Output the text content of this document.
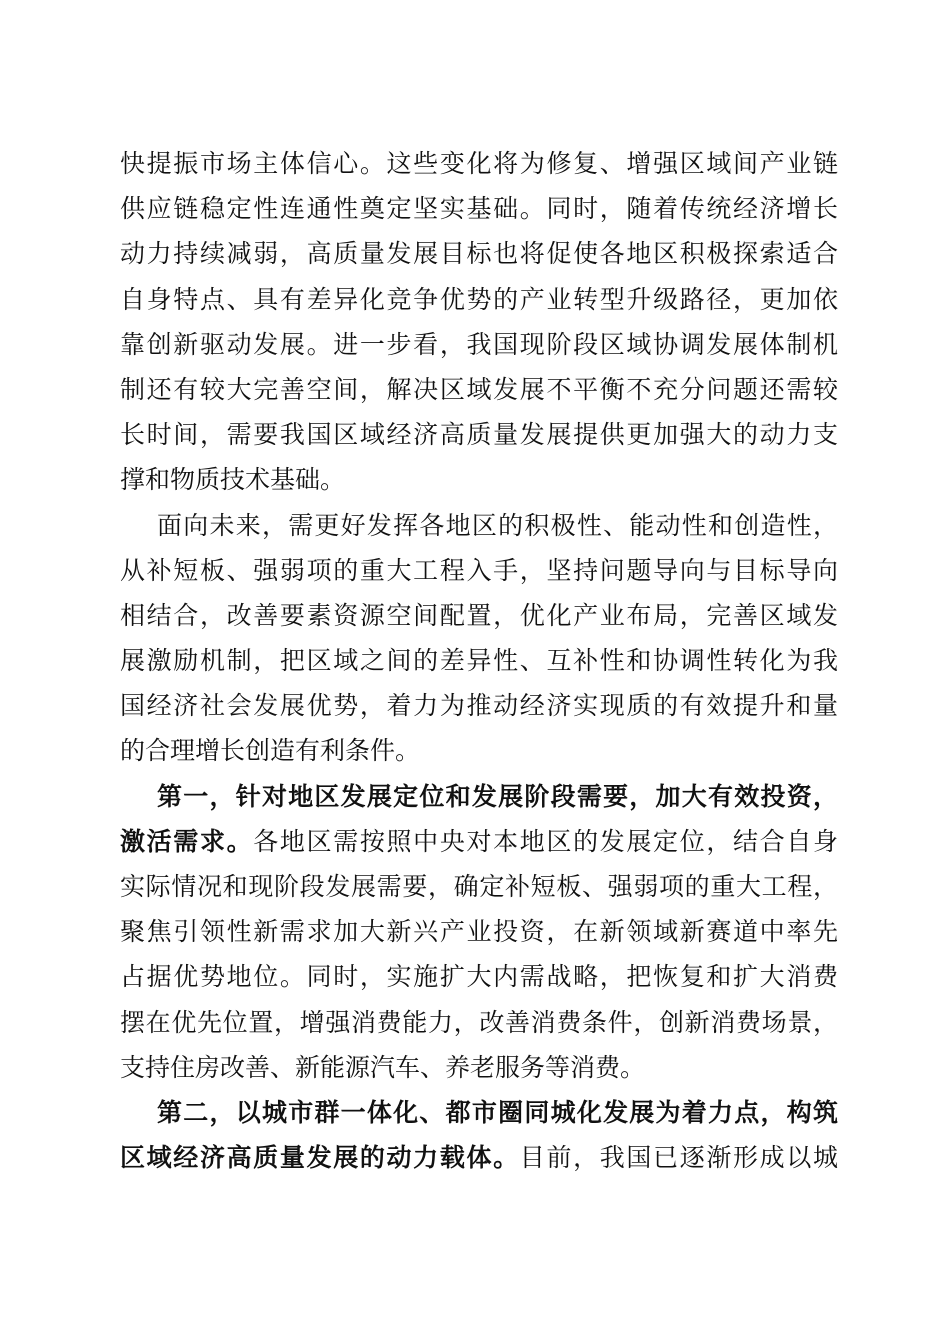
快提振市场主体信心。这些变化将为修复、增强区域间产业链
供应链稳定性连通性奠定坚实基础。同时，随着传统经济增长
动力持续减弱，高质量发展目标也将促使各地区积极探索适合
自身特点、具有差异化竞争优势的产业转型升级路径，更加依
靠创新驱动发展。进一步看，我国现阶段区域协调发展体制机
制还有较大完善空间，解决区域发展不平衡不充分问题还需较
长时间，需要我国区域经济高质量发展提供更加强大的动力支
撑和物质技术基础。
面向未来，需更好发挥各地区的积极性、能动性和创造性，
从补短板、强弱项的重大工程入手，坚持问题导向与目标导向
相结合，改善要素资源空间配置，优化产业布局，完善区域发
展激励机制，把区域之间的差异性、互补性和协调性转化为我
国经济社会发展优势，着力为推动经济实现质的有效提升和量
的合理增长创造有利条件。
第一，针对地区发展定位和发展阶段需要，加大有效投资，
激活需求。各地区需按照中央对本地区的发展定位，结合自身
实际情况和现阶段发展需要，确定补短板、强弱项的重大工程，
聚焦引领性新需求加大新兴产业投资，在新领域新赛道中率先
占据优势地位。同时，实施扩大内需战略，把恢复和扩大消费
摆在优先位置，增强消费能力，改善消费条件，创新消费场景，
支持住房改善、新能源汽车、养老服务等消费。
第二，以城市群一体化、都市圈同城化发展为着力点，构筑
区域经济高质量发展的动力载体。目前，我国已逐渐形成以城
